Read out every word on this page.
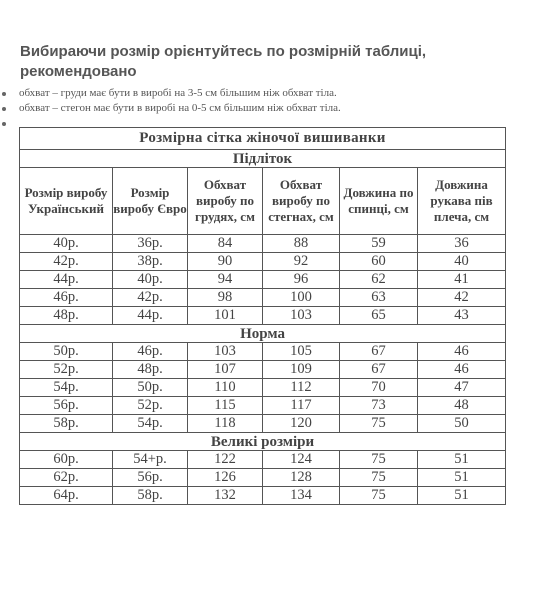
Вибираючи розмір орієнтуйтесь по розмірній таблиці, рекомендовано
обхват – груди має бути в виробі на 3-5 см більшим ніж обхват тіла.
обхват – стегон має бути в виробі на 0-5 см більшим ніж обхват тіла.
Розмірна сітка жіночої вишиванки					
Підліток					
Розмір виробу Український	Розмір виробу Євро	Обхват виробу по грудях, см	Обхват виробу по стегнах, см	Довжина по спинці, см	Довжина рукава пів плеча, см
40р.	36р.	84	88	59	36
42р.	38р.	90	92	60	40
44р.	40р.	94	96	62	41
46р.	42р.	98	100	63	42
48р.	44р.	101	103	65	43
Норма					
50р.	46р.	103	105	67	46
52р.	48р.	107	109	67	46
54р.	50р.	110	112	70	47
56р.	52р.	115	117	73	48
58р.	54р.	118	120	75	50
Великі розміри					
60р.	54+р.	122	124	75	51
62р.	56р.	126	128	75	51
64р.	58р.	132	134	75	51
